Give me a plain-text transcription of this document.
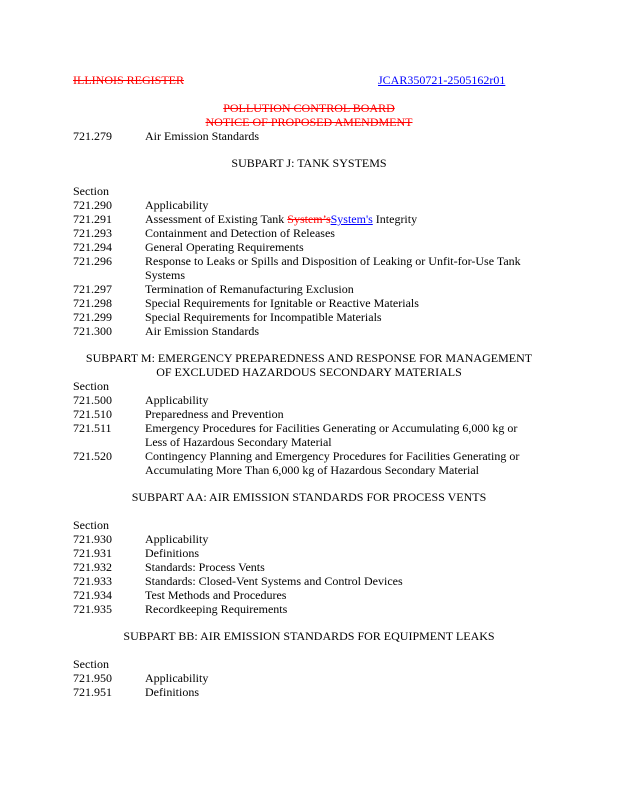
ILLINOIS REGISTER	JCAR350721-2505162r01
POLLUTION CONTROL BOARD
NOTICE OF PROPOSED AMENDMENT
721.279	Air Emission Standards
SUBPART J: TANK SYSTEMS
Section
721.290	Applicability
721.291	Assessment of Existing Tank System’sSystem's Integrity
721.293	Containment and Detection of Releases
721.294	General Operating Requirements
721.296	Response to Leaks or Spills and Disposition of Leaking or Unfit-for-Use Tank
Systems
721.297	Termination of Remanufacturing Exclusion
721.298	Special Requirements for Ignitable or Reactive Materials
721.299	Special Requirements for Incompatible Materials
721.300	Air Emission Standards
SUBPART M: EMERGENCY PREPAREDNESS AND RESPONSE FOR MANAGEMENT
OF EXCLUDED HAZARDOUS SECONDARY MATERIALS
Section
721.500	Applicability
721.510	Preparedness and Prevention
721.511	Emergency Procedures for Facilities Generating or Accumulating 6,000 kg or
Less of Hazardous Secondary Material
721.520	Contingency Planning and Emergency Procedures for Facilities Generating or
Accumulating More Than 6,000 kg of Hazardous Secondary Material
SUBPART AA: AIR EMISSION STANDARDS FOR PROCESS VENTS
Section
721.930	Applicability
721.931	Definitions
721.932	Standards: Process Vents
721.933	Standards: Closed-Vent Systems and Control Devices
721.934	Test Methods and Procedures
721.935	Recordkeeping Requirements
SUBPART BB: AIR EMISSION STANDARDS FOR EQUIPMENT LEAKS
Section
721.950	Applicability
721.951	Definitions
